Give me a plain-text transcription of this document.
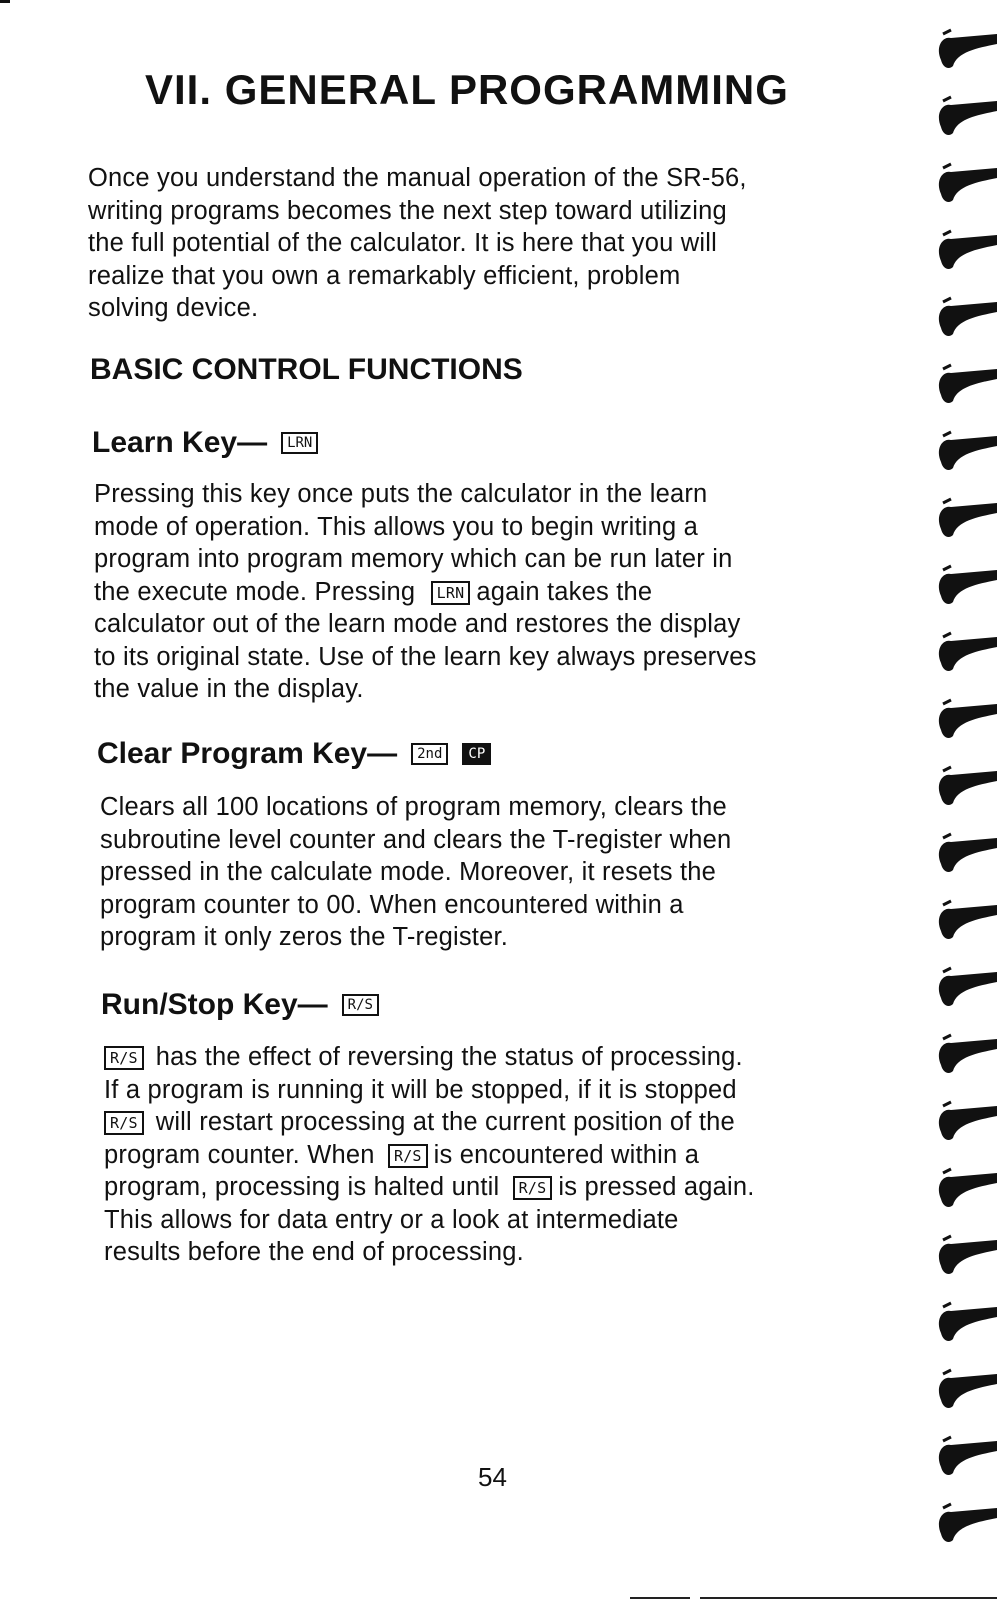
VII. GENERAL PROGRAMMING

Once you understand the manual operation of the SR-56,
writing programs becomes the next step toward utilizing
the full potential of the calculator. It is here that you will
realize that you own a remarkably efficient, problem
solving device.

BASIC CONTROL FUNCTIONS
Learn Key—	LRN

Pressing this key once puts the calculator in the learn
mode of operation. This allows you to begin writing a
program into program memory which can be run later in
the execute mode. Pressing LRN again takes the
calculator out of the learn mode and restores the display
to its original state. Use of the learn key always preserves
the value in the display.

Clear Program Key—	2nd	CP

Clears all 100 locations of program memory, clears the
subroutine level counter and clears the T-register when
pressed in the calculate mode. Moreover, it resets the
program counter to 00. When encountered within a
program it only zeros the T-register.

Run/Stop Key—	R/S

R/S has the effect of reversing the status of processing.
If a program is running it will be stopped, if it is stopped
R/S will restart processing at the current position of the
program counter. When R/S is encountered within a
program, processing is halted until R/S is pressed again.
This allows for data entry or a look at intermediate
results before the end of processing.

54
